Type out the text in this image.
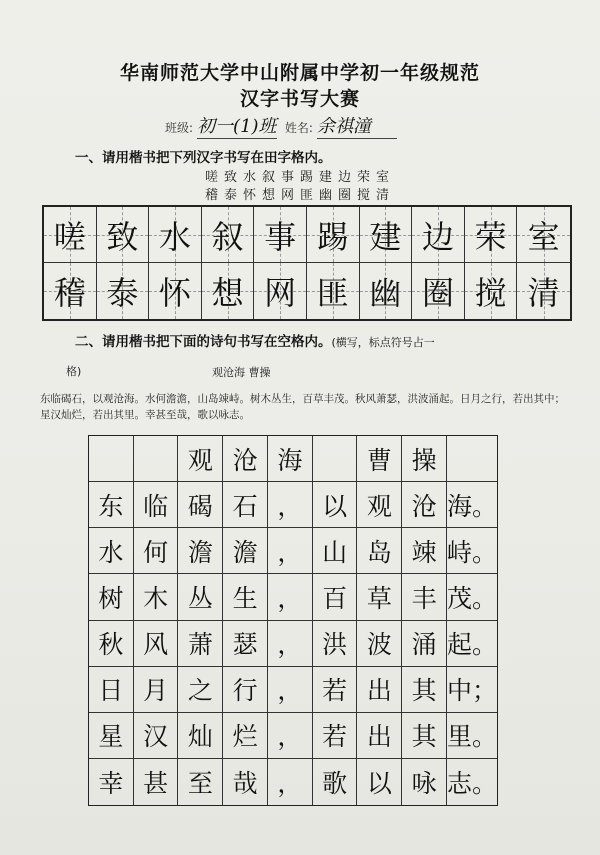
华南师范大学中山附属中学初一年级规范
汉字书写大赛
班级: 初一(1)班 姓名: 余祺潼
一、请用楷书把下列汉字书写在田字格内。
嗟致水叙事踢建边荣室
稽泰怀想网匪幽圈搅清
嗟 致 水 叙 事 踢 建 边 荣 室
稽 泰 怀 想 网 匪 幽 圈 搅 清
二、请用楷书把下面的诗句书写在空格内。(横写，标点符号占一
格)	观沧海 曹操
东临碣石，以观沧海。水何澹澹，山岛竦峙。树木丛生，百草丰茂。秋风萧瑟，洪波涌起。日月之行，若出其中；星汉灿烂，若出其里。幸甚至哉，歌以咏志。
观 沧 海	曹 操
东 临 碣 石 ， 以 观 沧 海。
水 何 澹 澹 ， 山 岛 竦 峙。
树 木 丛 生 ， 百 草 丰 茂。
秋 风 萧 瑟 ， 洪 波 涌 起。
日 月 之 行 ， 若 出 其 中；
星 汉 灿 烂 ， 若 出 其 里。
幸 甚 至 哉 ， 歌 以 咏 志。
